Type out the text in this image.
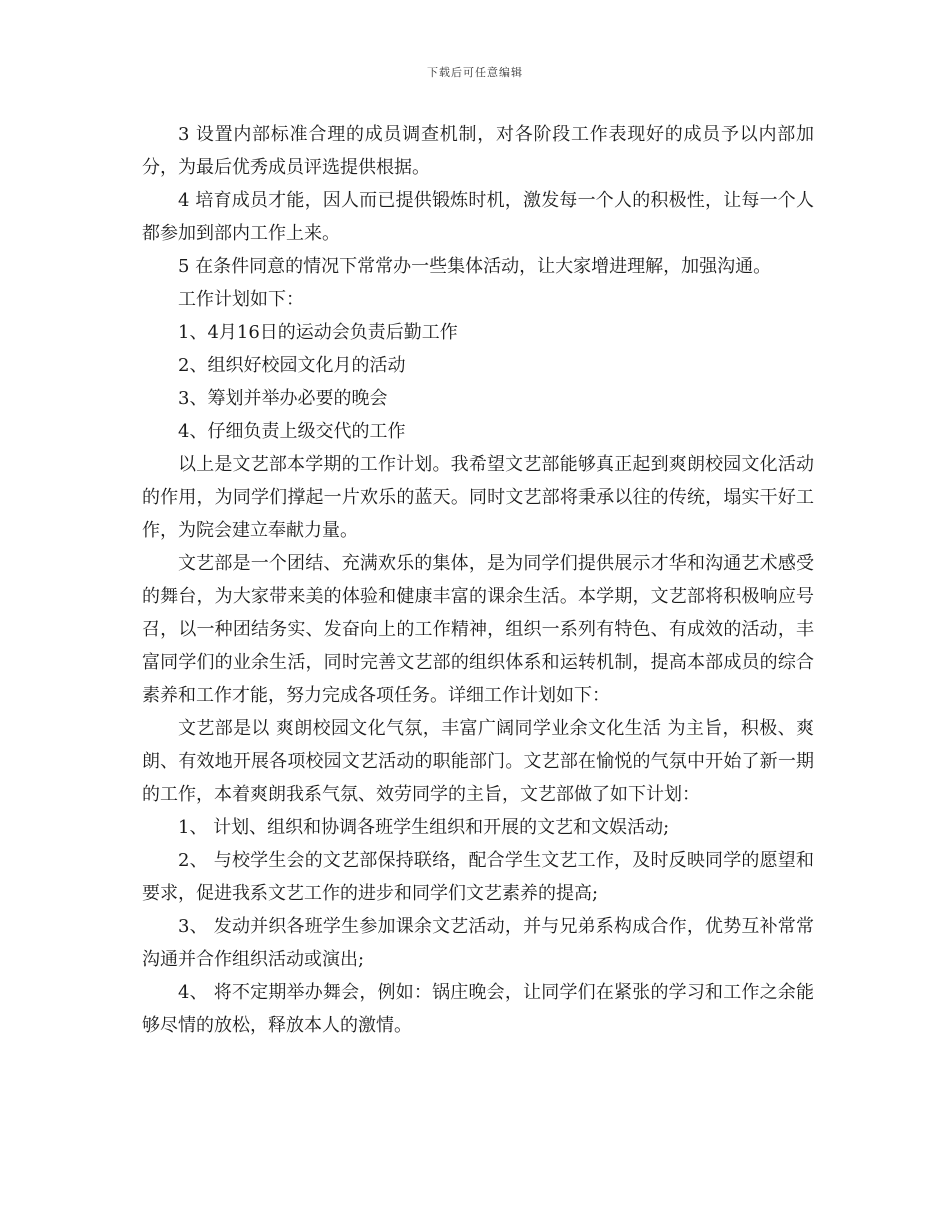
下载后可任意编辑

3 设置内部标准合理的成员调查机制，对各阶段工作表现好的成员予以内部加分，为最后优秀成员评选提供根据。

4 培育成员才能，因人而已提供锻炼时机，激发每一个人的积极性，让每一个人都参加到部内工作上来。

5 在条件同意的情况下常常办一些集体活动，让大家增进理解，加强沟通。

工作计划如下：

1、4月16日的运动会负责后勤工作

2、组织好校园文化月的活动

3、筹划并举办必要的晚会

4、仔细负责上级交代的工作

以上是文艺部本学期的工作计划。我希望文艺部能够真正起到爽朗校园文化活动的作用，为同学们撑起一片欢乐的蓝天。同时文艺部将秉承以往的传统，塌实干好工作，为院会建立奉献力量。

文艺部是一个团结、充满欢乐的集体，是为同学们提供展示才华和沟通艺术感受的舞台，为大家带来美的体验和健康丰富的课余生活。本学期，文艺部将积极响应号召，以一种团结务实、发奋向上的工作精神，组织一系列有特色、有成效的活动，丰富同学们的业余生活，同时完善文艺部的组织体系和运转机制，提高本部成员的综合素养和工作才能，努力完成各项任务。详细工作计划如下：

文艺部是以 爽朗校园文化气氛，丰富广阔同学业余文化生活 为主旨，积极、爽朗、有效地开展各项校园文艺活动的职能部门。文艺部在愉悦的气氛中开始了新一期的工作，本着爽朗我系气氛、效劳同学的主旨，文艺部做了如下计划：

1、 计划、组织和协调各班学生组织和开展的文艺和文娱活动;

2、 与校学生会的文艺部保持联络，配合学生文艺工作，及时反映同学的愿望和要求，促进我系文艺工作的进步和同学们文艺素养的提高;

3、 发动并织各班学生参加课余文艺活动，并与兄弟系构成合作，优势互补常常沟通并合作组织活动或演出;

4、 将不定期举办舞会，例如：锅庄晚会，让同学们在紧张的学习和工作之余能够尽情的放松，释放本人的激情。
